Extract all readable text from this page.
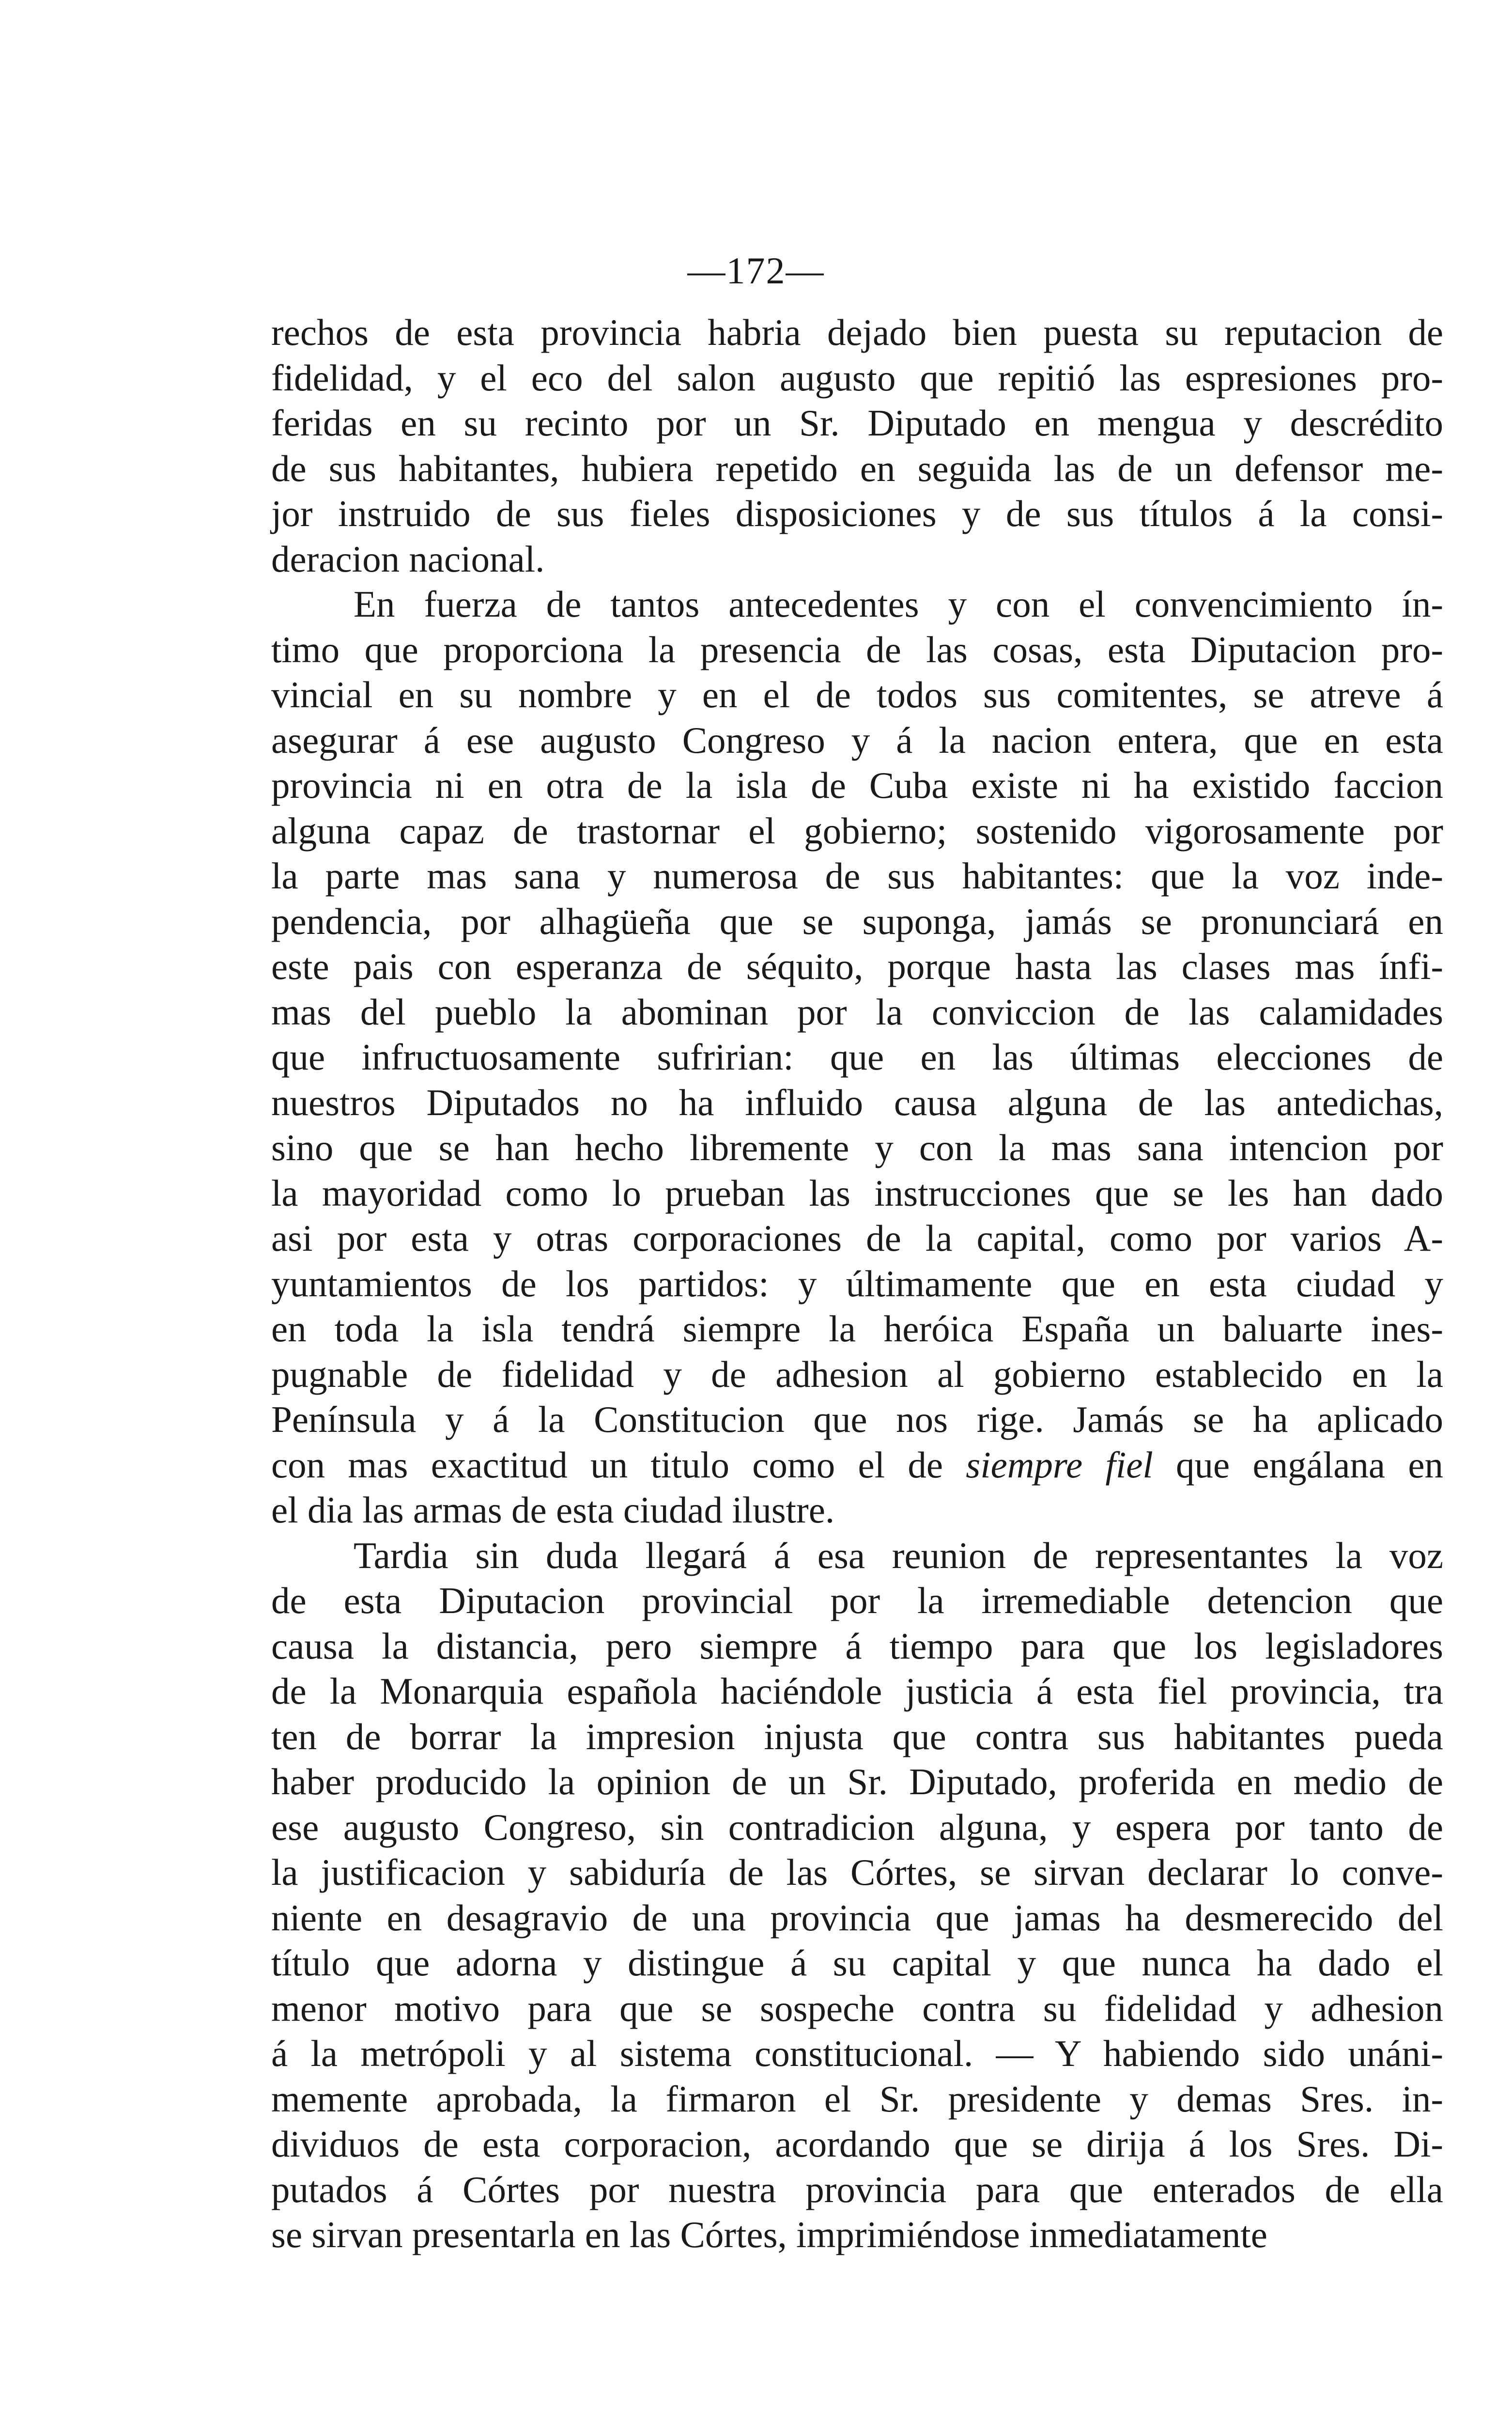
—172—
rechos de esta provincia habria dejado bien puesta su reputacion de
fidelidad, y el eco del salon augusto que repitió las espresiones pro-
feridas en su recinto por un Sr. Diputado en mengua y descrédito
de sus habitantes, hubiera repetido en seguida las de un defensor me-
jor instruido de sus fieles disposiciones y de sus títulos á la consi-
deracion nacional.
En fuerza de tantos antecedentes y con el convencimiento ín-
timo que proporciona la presencia de las cosas, esta Diputacion pro-
vincial en su nombre y en el de todos sus comitentes, se atreve á
asegurar á ese augusto Congreso y á la nacion entera, que en esta
provincia ni en otra de la isla de Cuba existe ni ha existido faccion
alguna capaz de trastornar el gobierno; sostenido vigorosamente por
la parte mas sana y numerosa de sus habitantes: que la voz inde-
pendencia, por alhagüeña que se suponga, jamás se pronunciará en
este pais con esperanza de séquito, porque hasta las clases mas ínfi-
mas del pueblo la abominan por la conviccion de las calamidades
que infructuosamente sufririan: que en las últimas elecciones de
nuestros Diputados no ha influido causa alguna de las antedichas,
sino que se han hecho libremente y con la mas sana intencion por
la mayoridad como lo prueban las instrucciones que se les han dado
asi por esta y otras corporaciones de la capital, como por varios A-
yuntamientos de los partidos: y últimamente que en esta ciudad y
en toda la isla tendrá siempre la heróica España un baluarte ines-
pugnable de fidelidad y de adhesion al gobierno establecido en la
Península y á la Constitucion que nos rige. Jamás se ha aplicado
con mas exactitud un titulo como el de siempre fiel que engálana en
el dia las armas de esta ciudad ilustre.
Tardia sin duda llegará á esa reunion de representantes la voz
de esta Diputacion provincial por la irremediable detencion que
causa la distancia, pero siempre á tiempo para que los legisladores
de la Monarquia española haciéndole justicia á esta fiel provincia, tra
ten de borrar la impresion injusta que contra sus habitantes pueda
haber producido la opinion de un Sr. Diputado, proferida en medio de
ese augusto Congreso, sin contradicion alguna, y espera por tanto de
la justificacion y sabiduría de las Córtes, se sirvan declarar lo conve-
niente en desagravio de una provincia que jamas ha desmerecido del
título que adorna y distingue á su capital y que nunca ha dado el
menor motivo para que se sospeche contra su fidelidad y adhesion
á la metrópoli y al sistema constitucional. — Y habiendo sido unáni-
memente aprobada, la firmaron el Sr. presidente y demas Sres. in-
dividuos de esta corporacion, acordando que se dirija á los Sres. Di-
putados á Córtes por nuestra provincia para que enterados de ella
se sirvan presentarla en las Córtes, imprimiéndose inmediatamente
